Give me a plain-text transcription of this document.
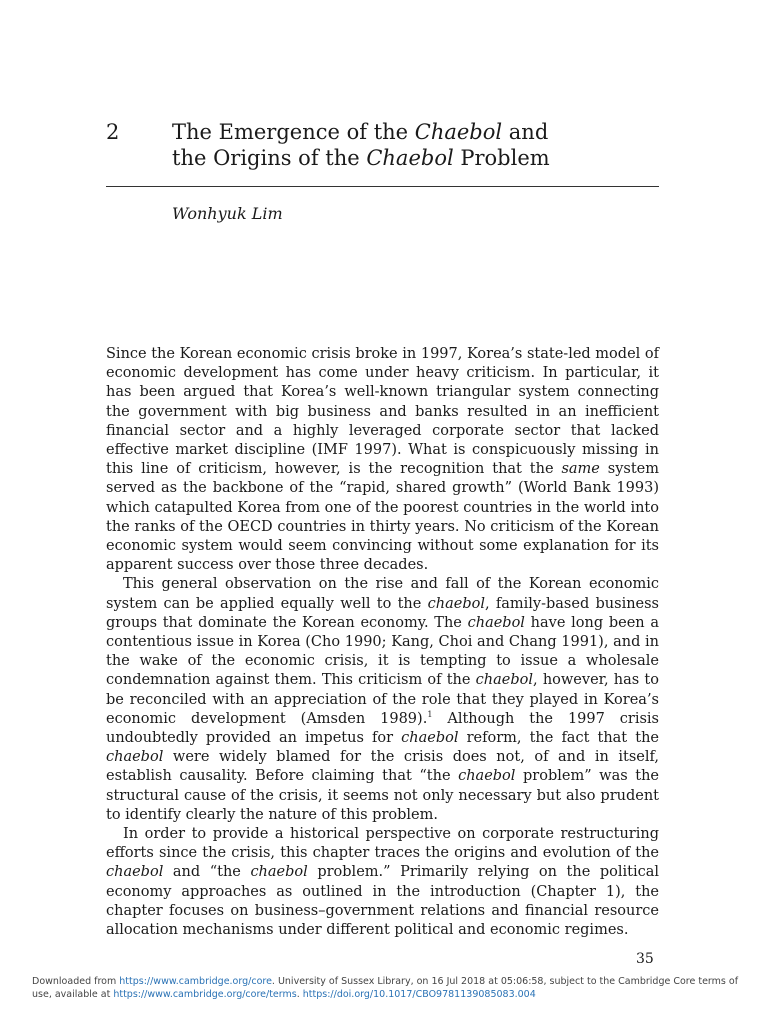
2	The Emergence of the Chaebol and
the Origins of the Chaebol Problem
Wonhyuk Lim

Since the Korean economic crisis broke in 1997, Korea’s state-led model of economic development has come under heavy criticism. In particular, it has been argued that Korea’s well-known triangular system connecting the government with big business and banks resulted in an inefficient financial sector and a highly leveraged corporate sector that lacked effective market discipline (IMF 1997). What is conspicuously missing in this line of criticism, however, is the recognition that the same system served as the backbone of the “rapid, shared growth” (World Bank 1993) which catapulted Korea from one of the poorest countries in the world into the ranks of the OECD countries in thirty years. No criticism of the Korean economic system would seem convincing without some explanation for its apparent success over those three decades.

This general observation on the rise and fall of the Korean economic system can be applied equally well to the chaebol, family-based business groups that dominate the Korean economy. The chaebol have long been a contentious issue in Korea (Cho 1990; Kang, Choi and Chang 1991), and in the wake of the economic crisis, it is tempting to issue a wholesale condemnation against them. This criticism of the chaebol, however, has to be reconciled with an appreciation of the role that they played in Korea’s economic development (Amsden 1989).$^1$ Although the 1997 crisis undoubtedly provided an impetus for chaebol reform, the fact that the chaebol were widely blamed for the crisis does not, of and in itself, establish causality. Before claiming that “the chaebol problem” was the structural cause of the crisis, it seems not only necessary but also prudent to identify clearly the nature of this problem.

In order to provide a historical perspective on corporate restructuring efforts since the crisis, this chapter traces the origins and evolution of the chaebol and “the chaebol problem.” Primarily relying on the political economy approaches as outlined in the introduction (Chapter 1), the chapter focuses on business–government relations and financial resource allocation mechanisms under different political and economic regimes.

35
Downloaded from https://www.cambridge.org/core. University of Sussex Library, on 16 Jul 2018 at 05:06:58, subject to the Cambridge Core terms of use, available at https://www.cambridge.org/core/terms. https://doi.org/10.1017/CBO9781139085083.004
